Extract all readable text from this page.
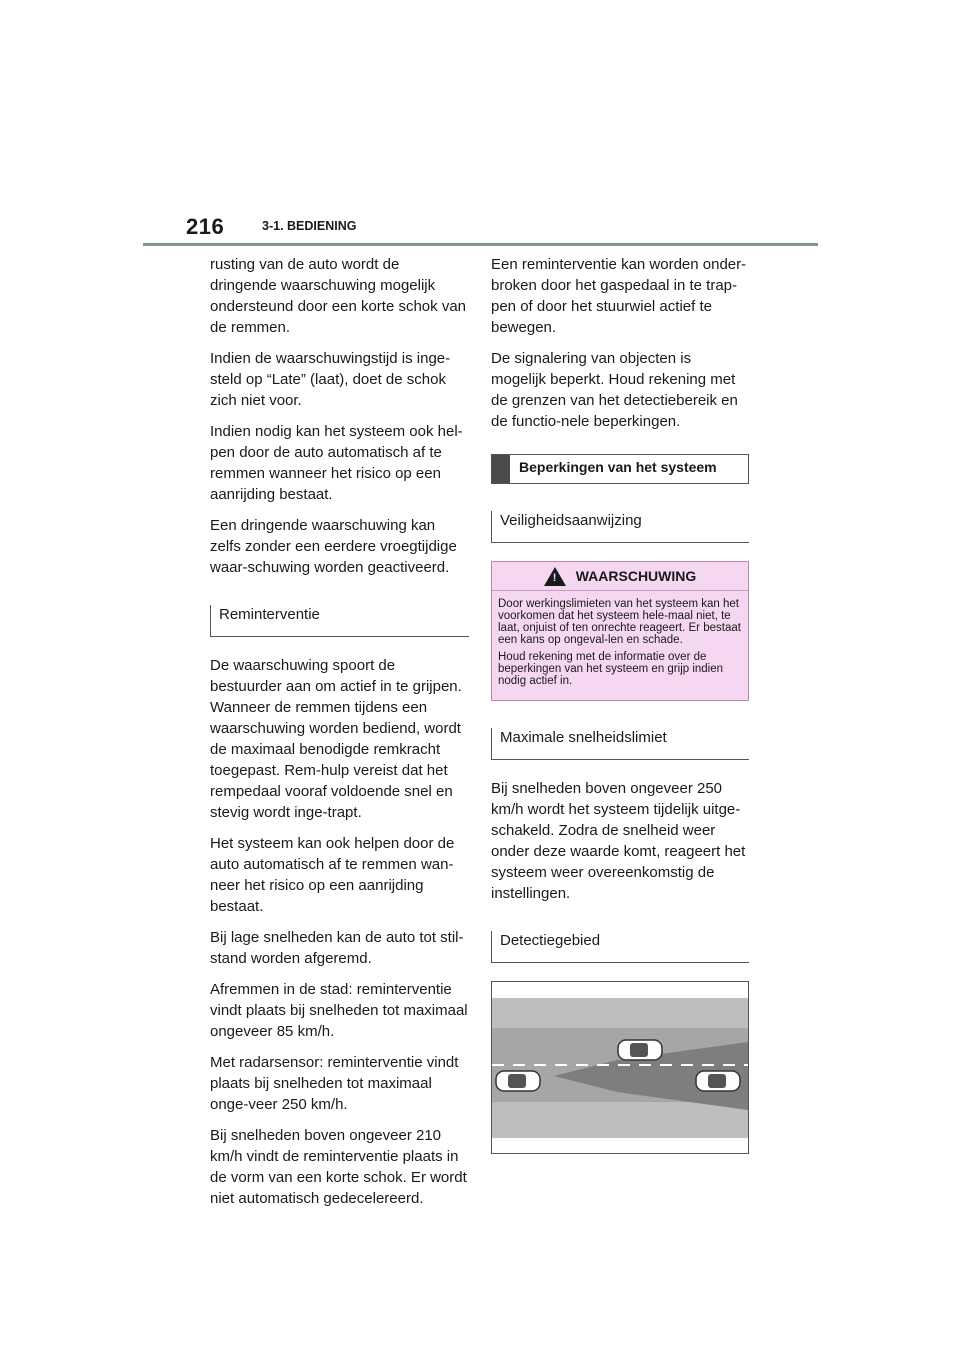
216	3-1. BEDIENING

rusting van de auto wordt de dringende waarschuwing mogelijk ondersteund door een korte schok van de remmen.

Indien de waarschuwingstijd is inge-steld op “Late” (laat), doet de schok zich niet voor.

Indien nodig kan het systeem ook hel-pen door de auto automatisch af te remmen wanneer het risico op een aanrijding bestaat.

Een dringende waarschuwing kan zelfs zonder een eerdere vroegtijdige waar-schuwing worden geactiveerd.

Reminterventie

De waarschuwing spoort de bestuurder aan om actief in te grijpen. Wanneer de remmen tijdens een waarschuwing worden bediend, wordt de maximaal benodigde remkracht toegepast. Rem-hulp vereist dat het rempedaal vooraf voldoende snel en stevig wordt inge-trapt.

Het systeem kan ook helpen door de auto automatisch af te remmen wan-neer het risico op een aanrijding bestaat.

Bij lage snelheden kan de auto tot stil-stand worden afgeremd.

Afremmen in de stad: reminterventie vindt plaats bij snelheden tot maximaal ongeveer 85 km/h.

Met radarsensor: reminterventie vindt plaats bij snelheden tot maximaal onge-veer 250 km/h.

Bij snelheden boven ongeveer 210 km/h vindt de reminterventie plaats in de vorm van een korte schok. Er wordt niet automatisch gedecelereerd.

Een reminterventie kan worden onder-broken door het gaspedaal in te trap-pen of door het stuurwiel actief te bewegen.

De signalering van objecten is mogelijk beperkt. Houd rekening met de grenzen van het detectiebereik en de functio-nele beperkingen.

Beperkingen van het systeem
Veiligheidsaanwijzing
! WAARSCHUWING

Door werkingslimieten van het systeem kan het voorkomen dat het systeem hele-maal niet, te laat, onjuist of ten onrechte reageert. Er bestaat een kans op ongeval-len en schade.

Houd rekening met de informatie over de beperkingen van het systeem en grijp indien nodig actief in.

Maximale snelheidslimiet

Bij snelheden boven ongeveer 250 km/h wordt het systeem tijdelijk uitge-schakeld. Zodra de snelheid weer onder deze waarde komt, reageert het systeem weer overeenkomstig de instellingen.

Detectiegebied
